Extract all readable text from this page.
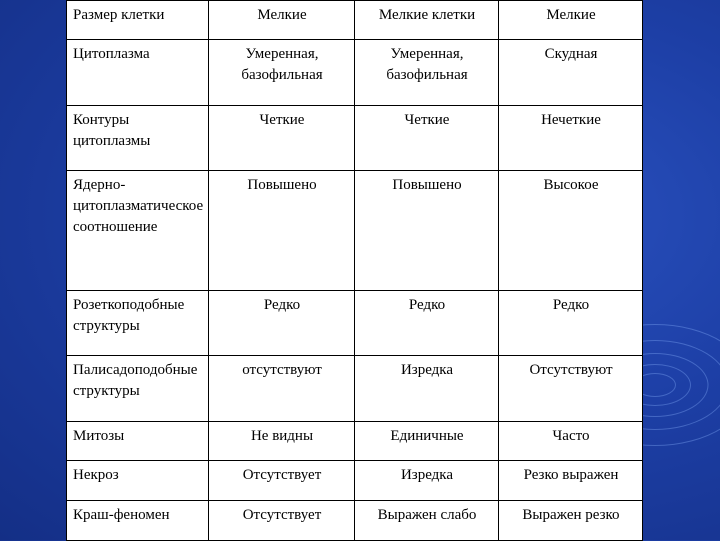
Размер клетки	Мелкие	Мелкие клетки	Мелкие
Цитоплазма	Умеренная, базофильная	Умеренная, базофильная	Скудная
Контуры цитоплазмы	Четкие	Четкие	Нечеткие
Ядерно-цитоплазматическое соотношение	Повышено	Повышено	Высокое
Розеткоподобные структуры	Редко	Редко	Редко
Палисадоподобные структуры	отсутствуют	Изредка	Отсутствуют
Митозы	Не видны	Единичные	Часто
Некроз	Отсутствует	Изредка	Резко выражен
Краш-феномен	Отсутствует	Выражен слабо	Выражен резко
